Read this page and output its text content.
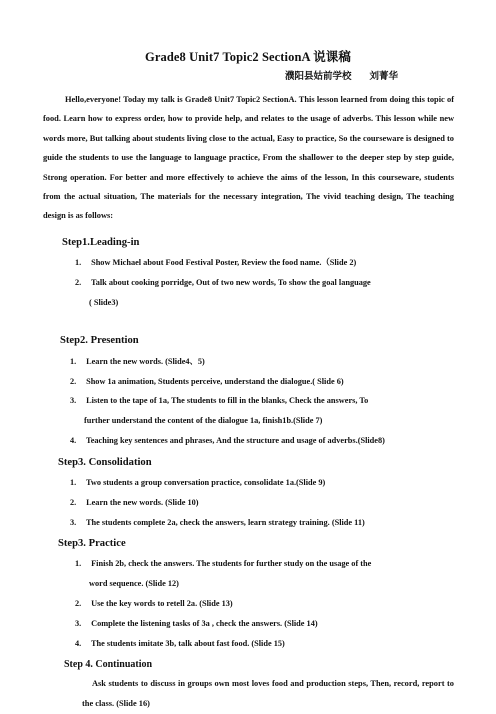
Grade8 Unit7 Topic2 SectionA 说课稿
濮阳县姑前学校 刘菁华
Hello,everyone! Today my talk is Grade8 Unit7 Topic2 SectionA. This lesson learned from doing this topic of food. Learn how to express order, how to provide help, and relates to the usage of adverbs. This lesson while new words more, But talking about students living close to the actual, Easy to practice, So the courseware is designed to guide the students to use the language to language practice, From the shallower to the deeper step by step guide, Strong operation. For better and more effectively to achieve the aims of the lesson, In this courseware, students from the actual situation, The materials for the necessary integration, The vivid teaching design, The teaching design is as follows:
Step1.Leading-in
1. Show Michael about Food Festival Poster, Review the food name.（Slide 2)
2. Talk about cooking porridge, Out of two new words, To show the goal language
( Slide3)
Step2. Presention
1. Learn the new words. (Slide4、5)
2. Show 1a animation, Students perceive, understand the dialogue.( Slide 6)
3. Listen to the tape of 1a, The students to fill in the blanks, Check the answers, To
further understand the content of the dialogue 1a, finish1b.(Slide 7)
4. Teaching key sentences and phrases, And the structure and usage of adverbs.(Slide8)
Step3. Consolidation
1. Two students a group conversation practice, consolidate 1a.(Slide 9)
2. Learn the new words. (Slide 10)
3. The students complete 2a, check the answers, learn strategy training. (Slide 11)
Step3. Practice
1. Finish 2b, check the answers. The students for further study on the usage of the
word sequence. (Slide 12)
2. Use the key words to retell 2a. (Slide 13)
3. Complete the listening tasks of 3a , check the answers. (Slide 14)
4. The students imitate 3b, talk about fast food. (Slide 15)
Step 4. Continuation
Ask students to discuss in groups own most loves food and production steps, Then, record, report to the class. (Slide 16)
